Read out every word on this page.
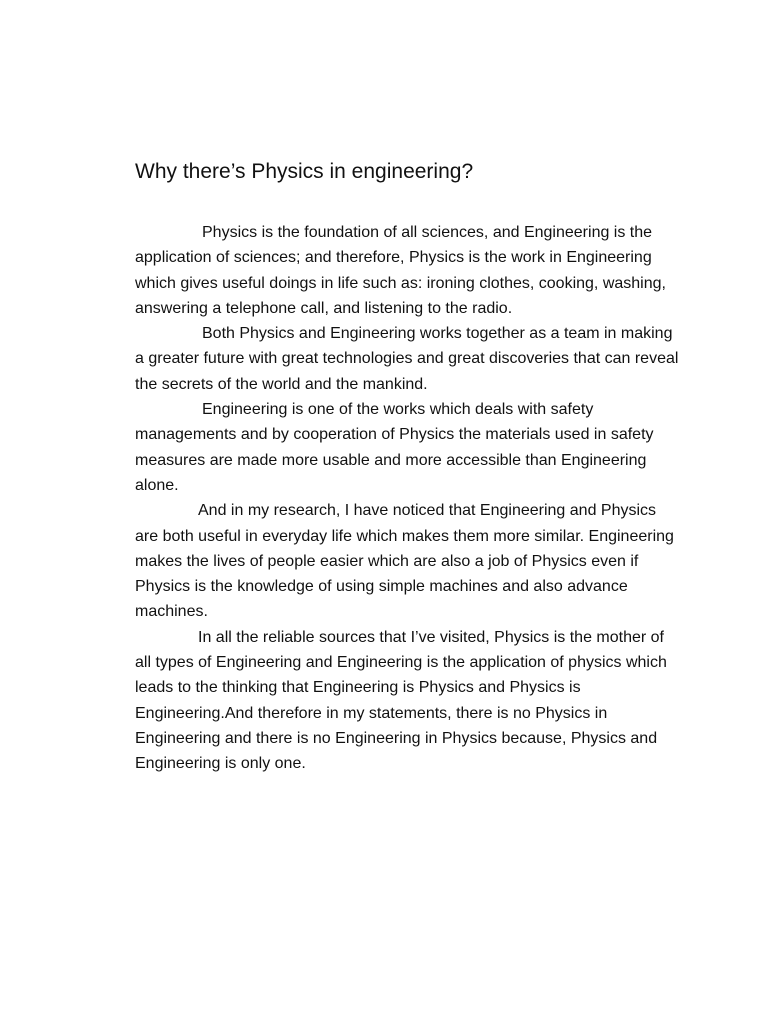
Why there’s Physics in engineering?

Physics is the foundation of all sciences, and Engineering is the application of sciences; and therefore, Physics is the work in Engineering which gives useful doings in life such as: ironing clothes, cooking, washing, answering a telephone call, and listening to the radio.

Both Physics and Engineering works together as a team in making a greater future with great technologies and great discoveries that can reveal the secrets of the world and the mankind.

Engineering is one of the works which deals with safety managements and by cooperation of Physics the materials used in safety measures are made more usable and more accessible than Engineering alone.

And in my research, I have noticed that Engineering and Physics are both useful in everyday life which makes them more similar. Engineering makes the lives of people easier which are also a job of Physics even if Physics is the knowledge of using simple machines and also advance machines.

In all the reliable sources that I’ve visited, Physics is the mother of all types of Engineering and Engineering is the application of physics which leads to the thinking that Engineering is Physics and Physics is Engineering.And therefore in my statements, there is no Physics in Engineering and there is no Engineering in Physics because, Physics and Engineering is only one.
